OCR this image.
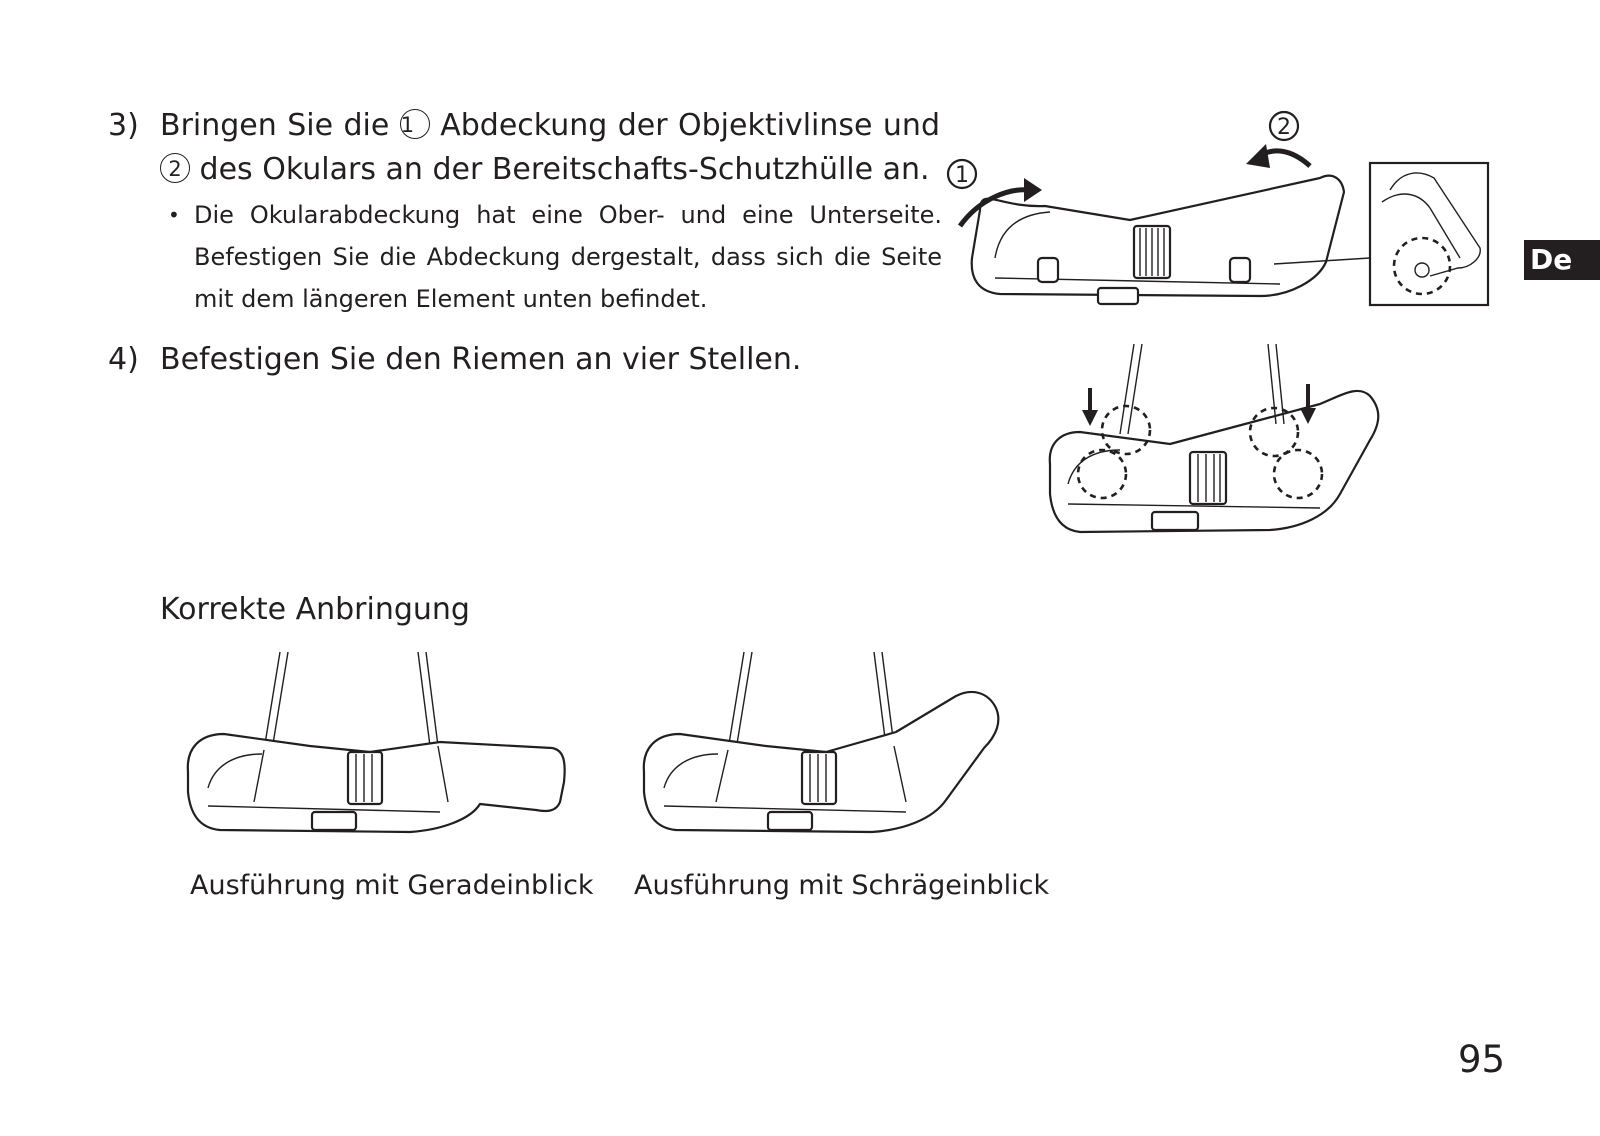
3) Bringen Sie die 1 Abdeckung der Objektivlinse und
2 des Okulars an der Bereitschafts-Schutzhülle an.
• Die Okularabdeckung hat eine Ober- und eine Unterseite.
Befestigen Sie die Abdeckung dergestalt, dass sich die Seite
mit dem längeren Element unten befindet.
4) Befestigen Sie den Riemen an vier Stellen.
Korrekte Anbringung
1
2
Ausführung mit Geradeinblick Ausführung mit Schrägeinblick
De
95
